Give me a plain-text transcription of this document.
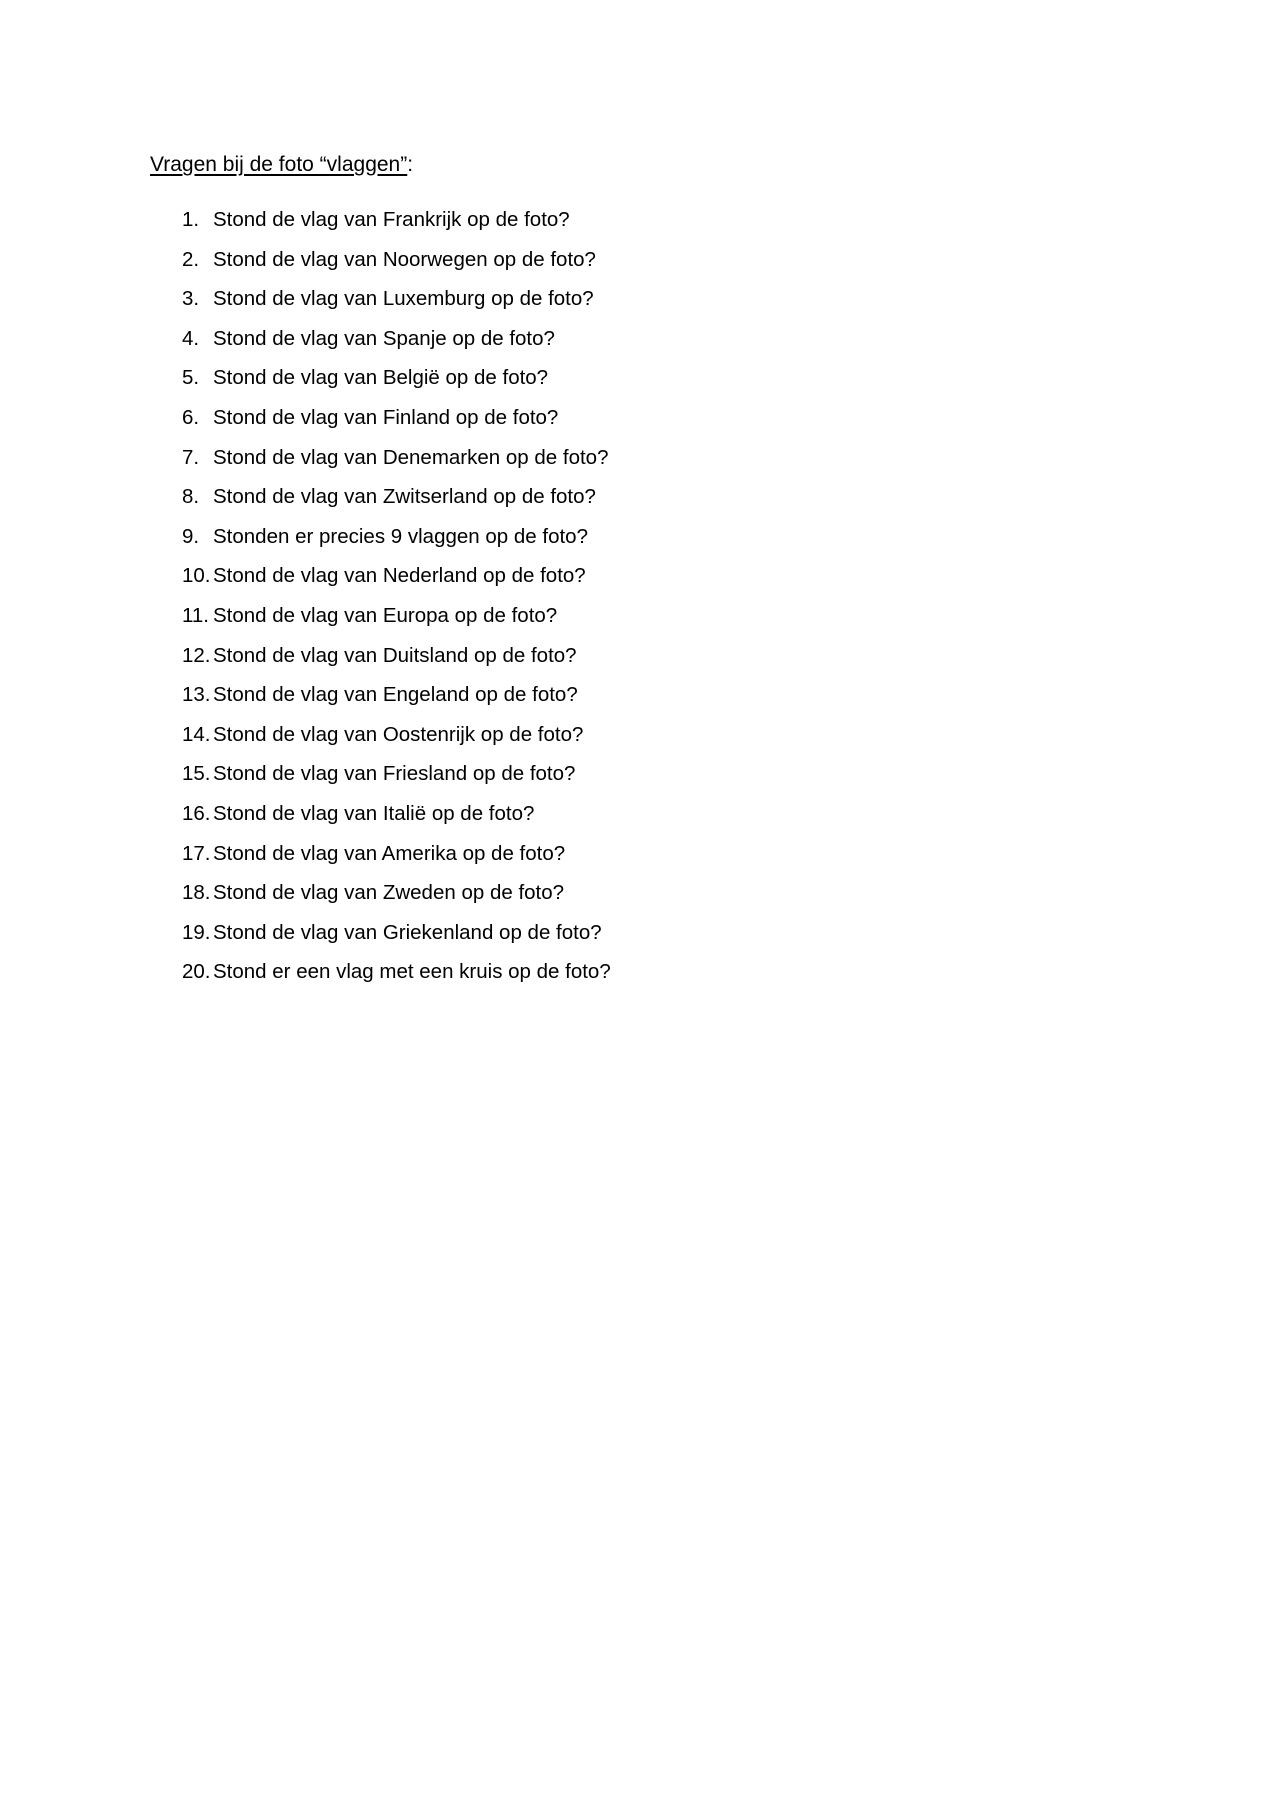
Vragen bij de foto “vlaggen”:
1. Stond de vlag van Frankrijk op de foto?
2. Stond de vlag van Noorwegen op de foto?
3. Stond de vlag van Luxemburg op de foto?
4. Stond de vlag van Spanje op de foto?
5. Stond de vlag van België op de foto?
6. Stond de vlag van Finland op de foto?
7. Stond de vlag van Denemarken op de foto?
8. Stond de vlag van Zwitserland op de foto?
9. Stonden er precies 9 vlaggen op de foto?
10. Stond de vlag van Nederland op de foto?
11. Stond de vlag van Europa op de foto?
12. Stond de vlag van Duitsland op de foto?
13. Stond de vlag van Engeland op de foto?
14. Stond de vlag van Oostenrijk op de foto?
15. Stond de vlag van Friesland op de foto?
16. Stond de vlag van Italië op de foto?
17. Stond de vlag van Amerika op de foto?
18. Stond de vlag van Zweden op de foto?
19. Stond de vlag van Griekenland op de foto?
20. Stond er een vlag met een kruis op de foto?
